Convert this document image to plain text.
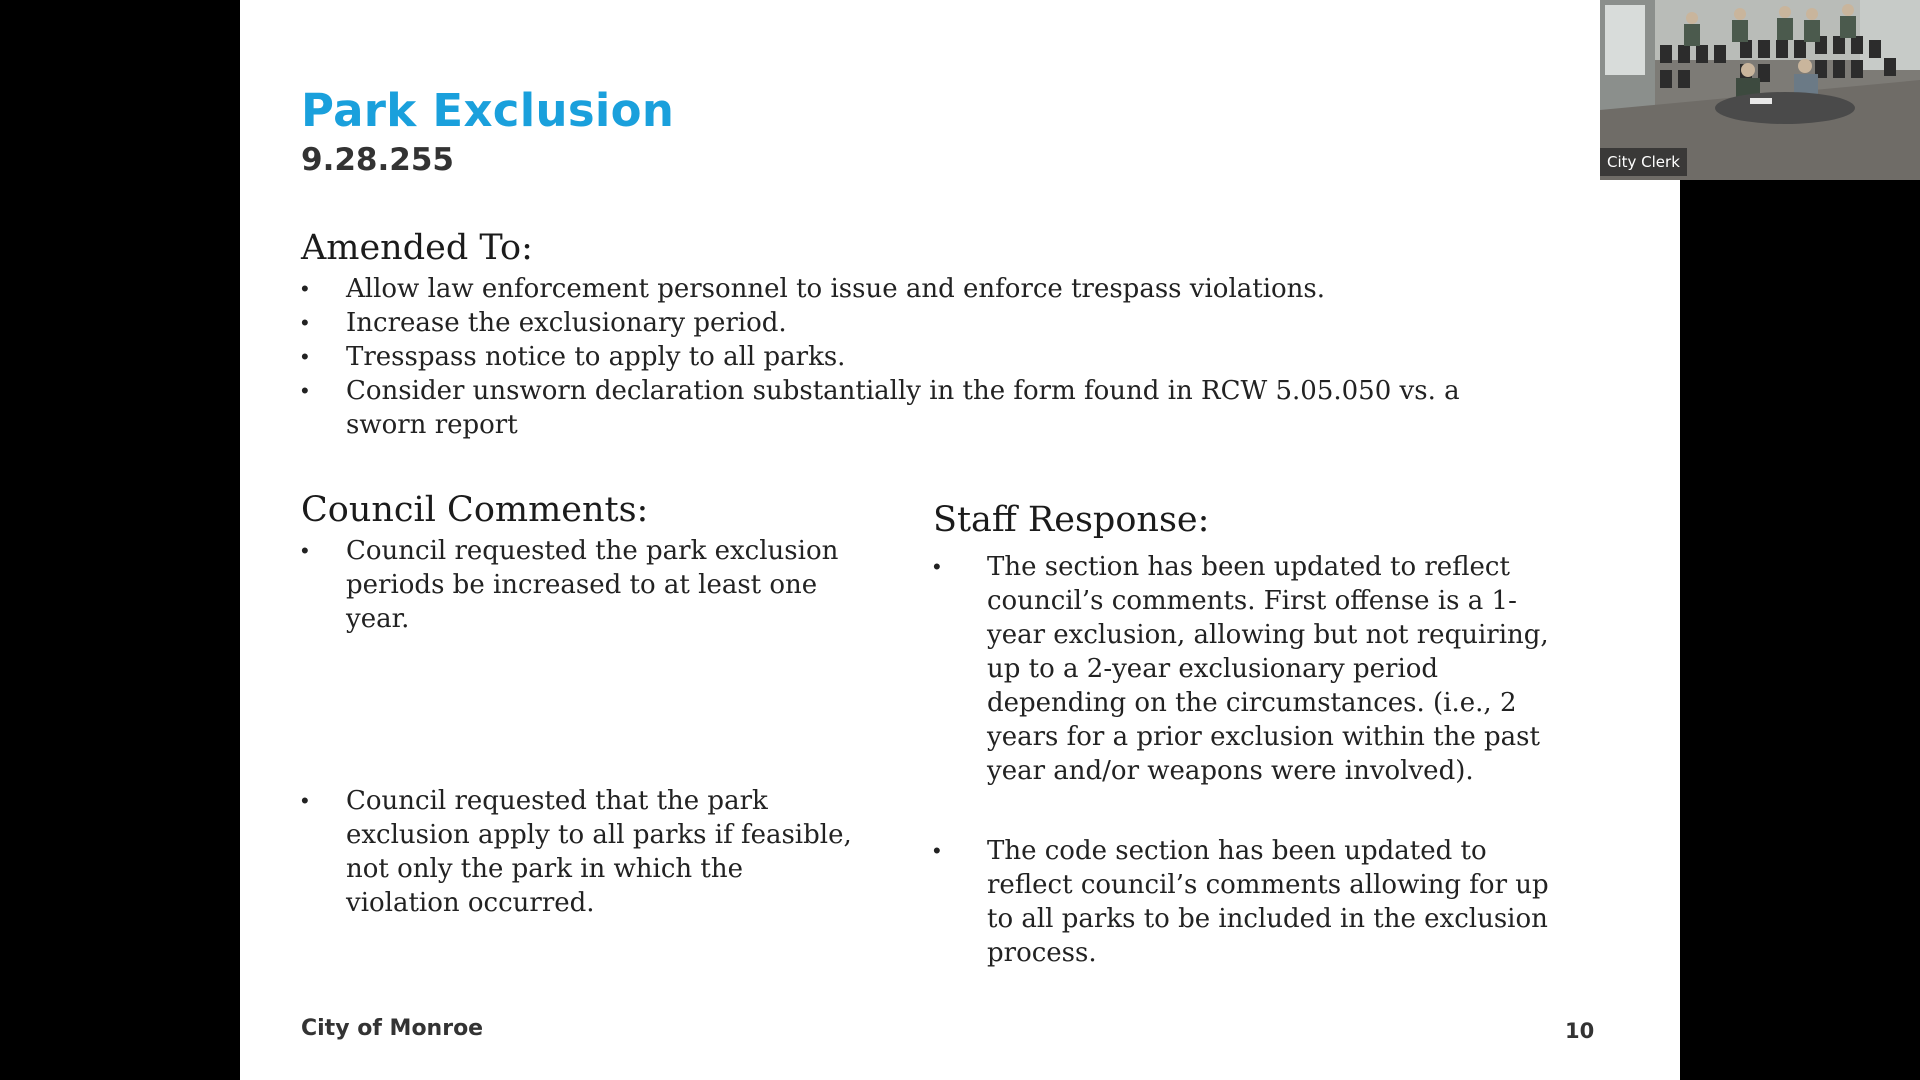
Park Exclusion
9.28.255
Amended To:
• Allow law enforcement personnel to issue and enforce trespass violations.
• Increase the exclusionary period.
• Tresspass notice to apply to all parks.
• Consider unsworn declaration substantially in the form found in RCW 5.05.050 vs. a sworn report
Council Comments:
• Council requested the park exclusion periods be increased to at least one year.
• Council requested that the park exclusion apply to all parks if feasible, not only the park in which the violation occurred.
Staff Response:
• The section has been updated to reflect council’s comments. First offense is a 1-year exclusion, allowing but not requiring, up to a 2-year exclusionary period depending on the circumstances. (i.e., 2 years for a prior exclusion within the past year and/or weapons were involved).
• The code section has been updated to reflect council’s comments allowing for up to all parks to be included in the exclusion process.
City of Monroe	10
City Clerk
